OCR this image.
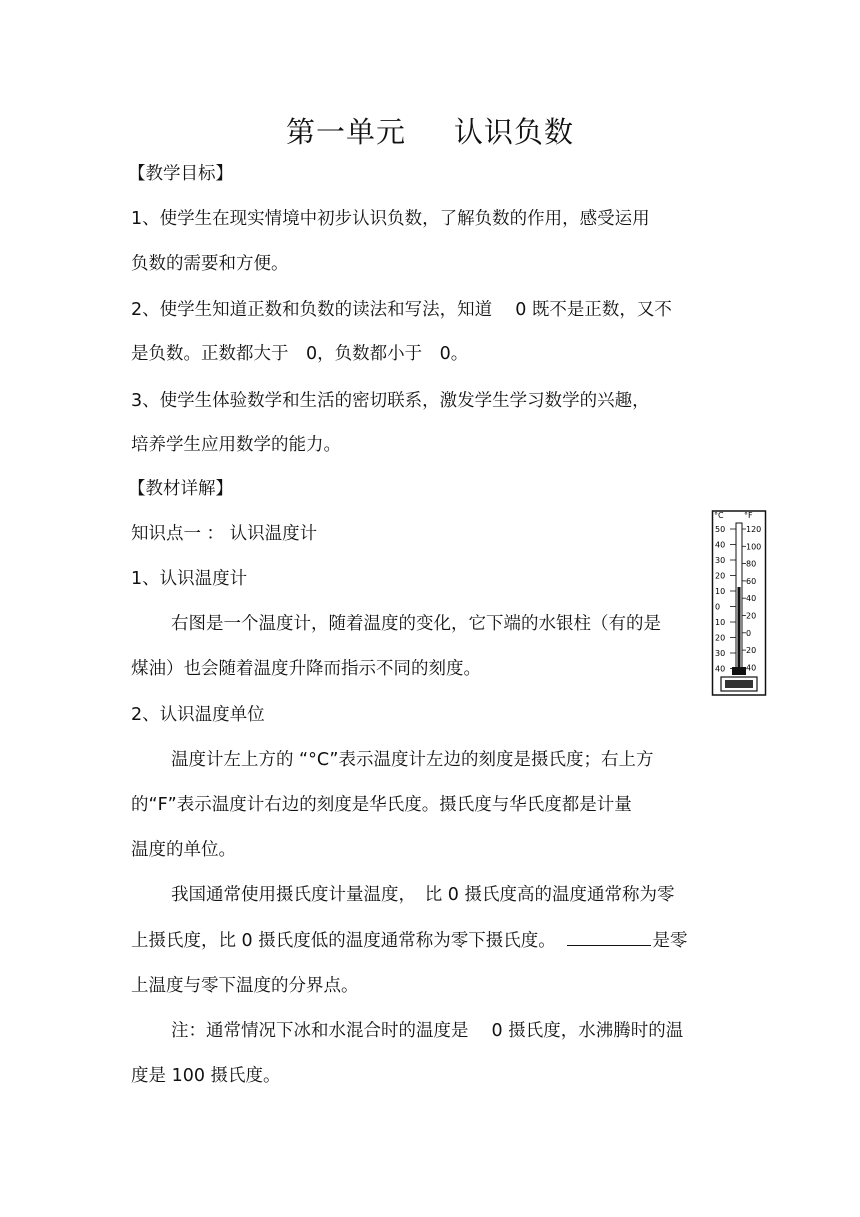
第一单元 认识负数
【教学目标】
1、使学生在现实情境中初步认识负数，了解负数的作用，感受运用
负数的需要和方便。
2、使学生知道正数和负数的读法和写法，知道　 0 既不是正数，又不
是负数。正数都大于　0，负数都小于　0。
3、使学生体验数学和生活的密切联系，激发学生学习数学的兴趣，
培养学生应用数学的能力。
【教材详解】
知识点一 ： 认识温度计
1、认识温度计
右图是一个温度计，随着温度的变化，它下端的水银柱（有的是
煤油）也会随着温度升降而指示不同的刻度。
2、认识温度单位
温度计左上方的 “°C”表示温度计左边的刻度是摄氏度；右上方
的“F”表示温度计右边的刻度是华氏度。摄氏度与华氏度都是计量
温度的单位。
我国通常使用摄氏度计量温度，　比 0 摄氏度高的温度通常称为零
上摄氏度，比 0 摄氏度低的温度通常称为零下摄氏度。　	是零
上温度与零下温度的分界点。
注：通常情况下冰和水混合时的温度是　 0 摄氏度，水沸腾时的温
度是 100 摄氏度。
°C	°F
50
40
30
20
10
0
10
20
30
40
120
100
80
60
40
20
0
20
40
